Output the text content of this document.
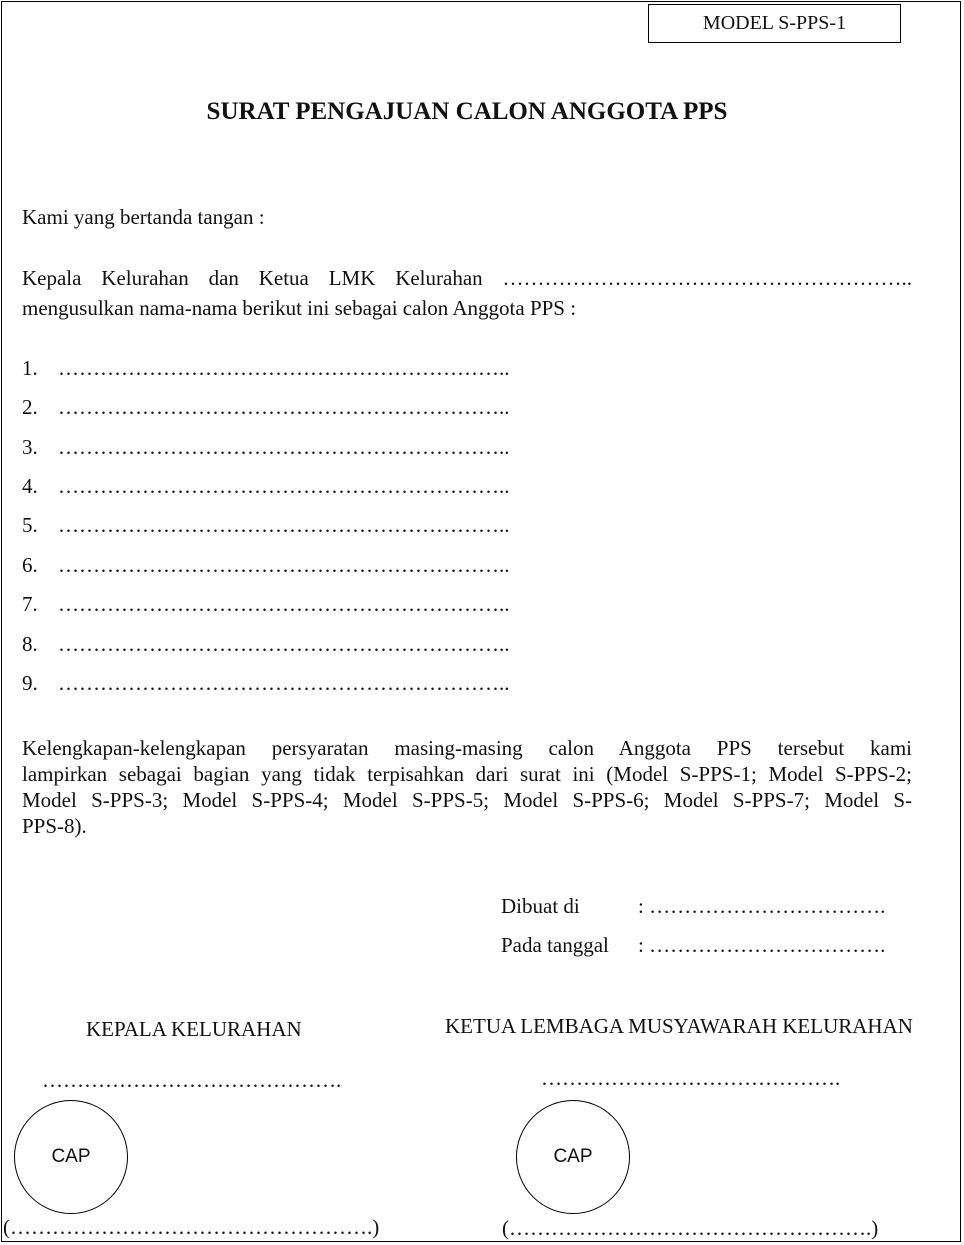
MODEL S-PPS-1
SURAT PENGAJUAN CALON ANGGOTA PPS
Kami yang bertanda tangan :
Kepala Kelurahan dan Ketua LMK Kelurahan …………………………………………………..
mengusulkan nama-nama berikut ini sebagai calon Anggota PPS :
1. ………………………………………………………..
2. ………………………………………………………..
3. ………………………………………………………..
4. ………………………………………………………..
5. ………………………………………………………..
6. ………………………………………………………..
7. ………………………………………………………..
8. ………………………………………………………..
9. ………………………………………………………..
Kelengkapan-kelengkapan persyaratan masing-masing calon Anggota PPS tersebut kami
lampirkan sebagai bagian yang tidak terpisahkan dari surat ini (Model S-PPS-1; Model S-PPS-2;
Model S-PPS-3; Model S-PPS-4; Model S-PPS-5; Model S-PPS-6; Model S-PPS-7; Model S-
PPS-8).
Dibuat di	: …………………………….
Pada tanggal : …………………………….
KEPALA KELURAHAN
…………………………………….
CAP
(…………………………………………….)
KETUA LEMBAGA MUSYAWARAH KELURAHAN
…………………………………….
CAP
(…………………………………………….)
